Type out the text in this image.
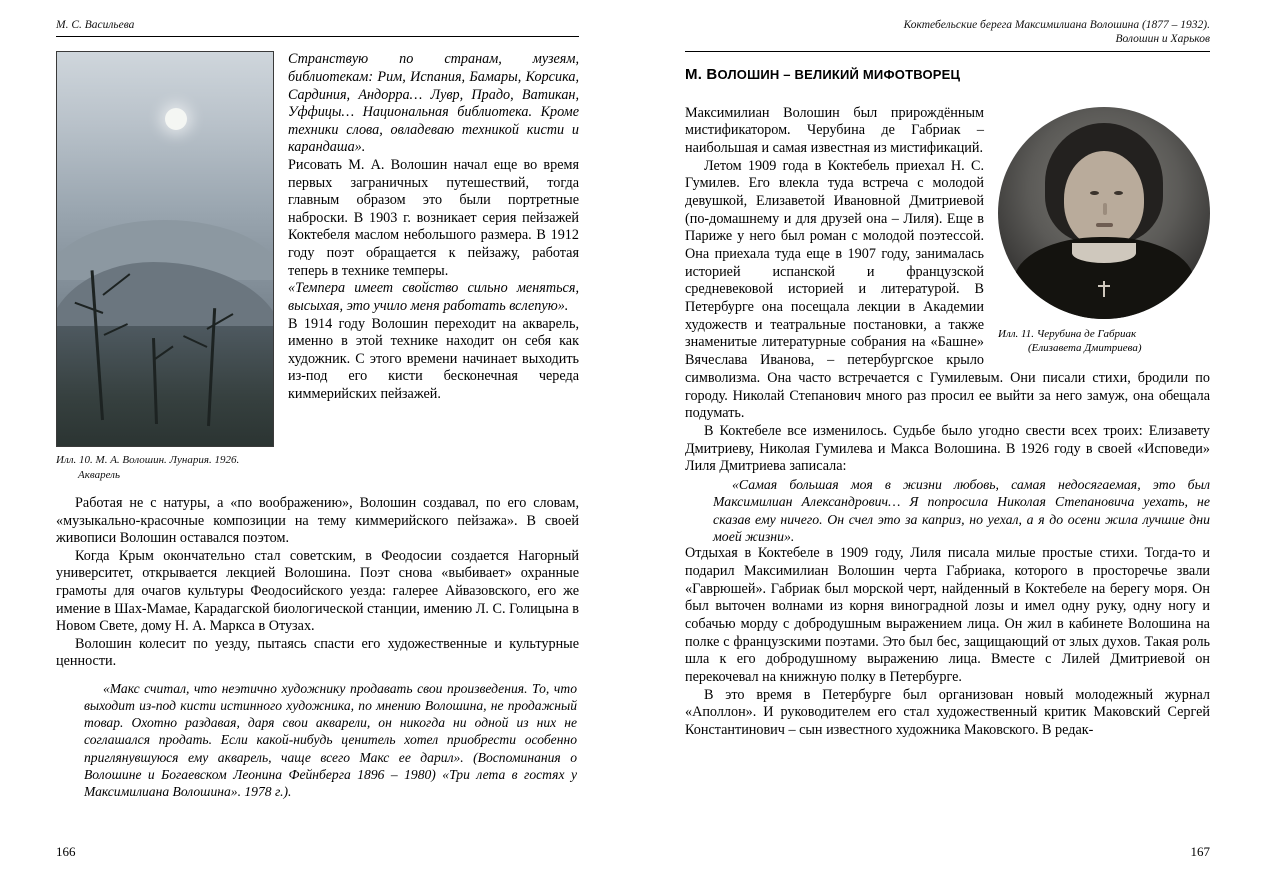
М. С. Васильева
Илл. 10. М. А. Волошин. Лунария. 1926.
Акварель

Странствую по странам, музеям, библиотекам: Рим, Испания, Бамары, Корсика, Сардиния, Андорра… Лувр, Прадо, Ватикан, Уффицы… Национальная библиотека. Кроме техники слова, овладеваю техникой кисти и карандаша».

Рисовать М. А. Волошин начал еще во время первых заграничных путешествий, тогда главным образом это были портретные наброски. В 1903 г. возникает серия пейзажей Коктебеля маслом небольшого размера. В 1912 году поэт обращается к пейзажу, работая теперь в технике темперы.

«Темпера имеет свойство сильно меняться, высыхая, это учило меня работать вслепую».

В 1914 году Волошин переходит на акварель, именно в этой технике находит он себя как художник. С этого времени начинает выходить из-под его кисти бесконечная череда киммерийских пейзажей.

Работая не с натуры, а «по воображению», Волошин создавал, по его словам, «музыкально-красочные композиции на тему киммерийского пейзажа». В своей живописи Волошин оставался поэтом.

Когда Крым окончательно стал советским, в Феодосии создается Нагорный университет, открывается лекцией Волошина. Поэт снова «выбивает» охранные грамоты для очагов культуры Феодосийского уезда: галерее Айвазовского, его же имение в Шах-Мамае, Карадагской биологической станции, имению Л. С. Голицына в Новом Свете, дому Н. А. Маркса в Отузах.

Волошин колесит по уезду, пытаясь спасти его художественные и культурные ценности.

«Макс считал, что неэтично художнику продавать свои произведения. То, что выходит из-под кисти истинного художника, по мнению Волошина, не продажный товар. Охотно раздавая, даря свои акварели, он никогда ни одной из них не соглашался продать. Если какой-нибудь ценитель хотел приобрести особенно приглянувшуюся ему акварель, чаще всего Макс ее дарил». (Воспоминания о Волошине и Богаевском Леонина Фейнберга 1896 – 1980) «Три лета в гостях у Максимилиана Волошина». 1978 г.).

166
Коктебельские берега Максимилиана Волошина (1877 – 1932).
Волошин и Харьков
М. ВОЛОШИН – ВЕЛИКИЙ МИФОТВОРЕЦ
Илл. 11. Черубина де Габриак
(Елизавета Дмитриева)

Максимилиан Волошин был прирождённым мистификатором. Черубина де Габриак – наибольшая и самая известная из мистификаций.

Летом 1909 года в Коктебель приехал Н. С. Гумилев. Его влекла туда встреча с молодой девушкой, Елизаветой Ивановной Дмитриевой (по-домашнему и для друзей она – Лиля). Еще в Париже у него был роман с молодой поэтессой. Она приехала туда еще в 1907 году, занималась историей испанской и французской средневековой историей и литературой. В Петербурге она посещала лекции в Академии художеств и театральные постановки, а также знаменитые литературные собрания на «Башне» Вячеслава Иванова, – петербургское крыло символизма. Она часто встречается с Гумилевым. Они писали стихи, бродили по городу. Николай Степанович много раз просил ее выйти за него замуж, она обещала подумать.

В Коктебеле все изменилось. Судьбе было угодно свести всех троих: Елизавету Дмитриеву, Николая Гумилева и Макса Волошина. В 1926 году в своей «Исповеди» Лиля Дмитриева записала:

«Самая большая моя в жизни любовь, самая недосягаемая, это был Максимилиан Александрович… Я попросила Николая Степановича уехать, не сказав ему ничего. Он счел это за каприз, но уехал, а я до осени жила лучшие дни моей жизни».

Отдыхая в Коктебеле в 1909 году, Лиля писала милые простые стихи. Тогда-то и подарил Максимилиан Волошин черта Габриака, которого в просторечье звали «Гаврюшей». Габриак был морской черт, найденный в Коктебеле на берегу моря. Он был выточен волнами из корня виноградной лозы и имел одну руку, одну ногу и собачью морду с добродушным выражением лица. Он жил в кабинете Волошина на полке с французскими поэтами. Это был бес, защищающий от злых духов. Такая роль шла к его добродушному выражению лица. Вместе с Лилей Дмитриевой он перекочевал на книжную полку в Петербурге.

В это время в Петербурге был организован новый молодежный журнал «Аполлон». И руководителем его стал художественный критик Маковский Сергей Константинович – сын известного художника Маковского. В редак-

167
